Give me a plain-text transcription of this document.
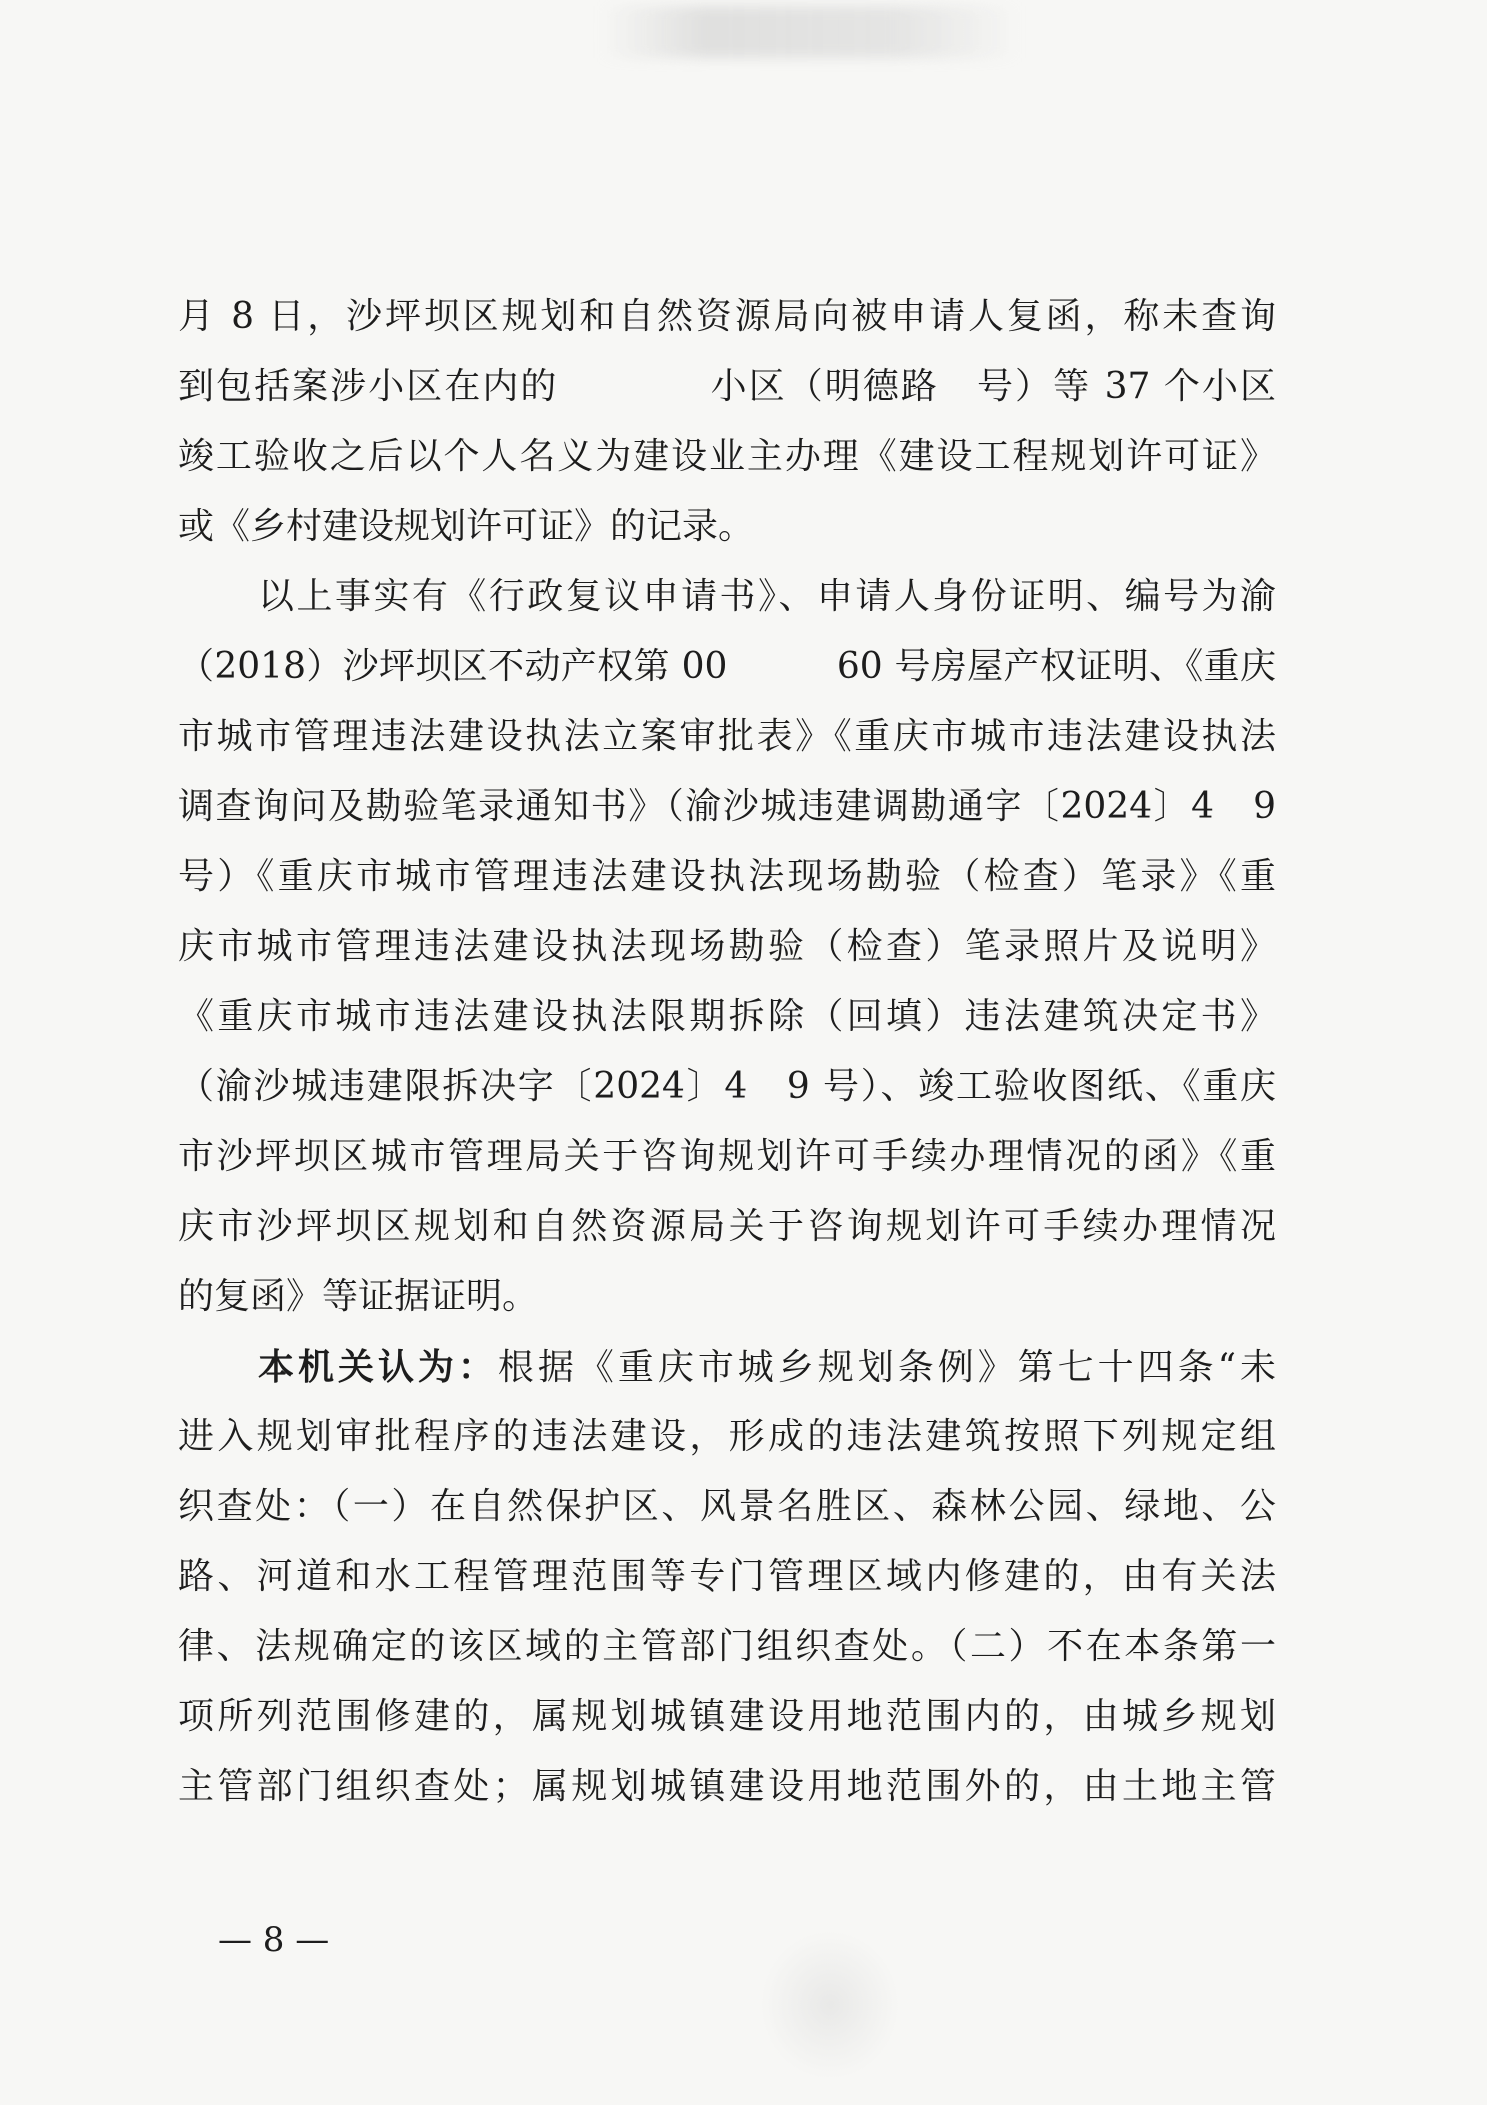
月 8 日，沙坪坝区规划和自然资源局向被申请人复函，称未查询
到包括案涉小区在内的　　　　小区（明德路　号）等 37 个小区
竣工验收之后以个人名义为建设业主办理《建设工程规划许可证》
或《乡村建设规划许可证》的记录。
以上事实有《行政复议申请书》、申请人身份证明、编号为渝
（2018）沙坪坝区不动产权第 00　　　60 号房屋产权证明、《重庆
市城市管理违法建设执法立案审批表》《重庆市城市违法建设执法
调查询问及勘验笔录通知书》（渝沙城违建调勘通字〔2024〕4　9
号）《重庆市城市管理违法建设执法现场勘验（检查）笔录》《重
庆市城市管理违法建设执法现场勘验（检查）笔录照片及说明》
《重庆市城市违法建设执法限期拆除（回填）违法建筑决定书》
（渝沙城违建限拆决字〔2024〕4　9 号）、竣工验收图纸、《重庆
市沙坪坝区城市管理局关于咨询规划许可手续办理情况的函》《重
庆市沙坪坝区规划和自然资源局关于咨询规划许可手续办理情况
的复函》等证据证明。
本机关认为：根据《重庆市城乡规划条例》第七十四条“未
进入规划审批程序的违法建设，形成的违法建筑按照下列规定组
织查处：（一）在自然保护区、风景名胜区、森林公园、绿地、公
路、河道和水工程管理范围等专门管理区域内修建的，由有关法
律、法规确定的该区域的主管部门组织查处。（二）不在本条第一
项所列范围修建的，属规划城镇建设用地范围内的，由城乡规划
主管部门组织查处；属规划城镇建设用地范围外的，由土地主管
— 8 —
